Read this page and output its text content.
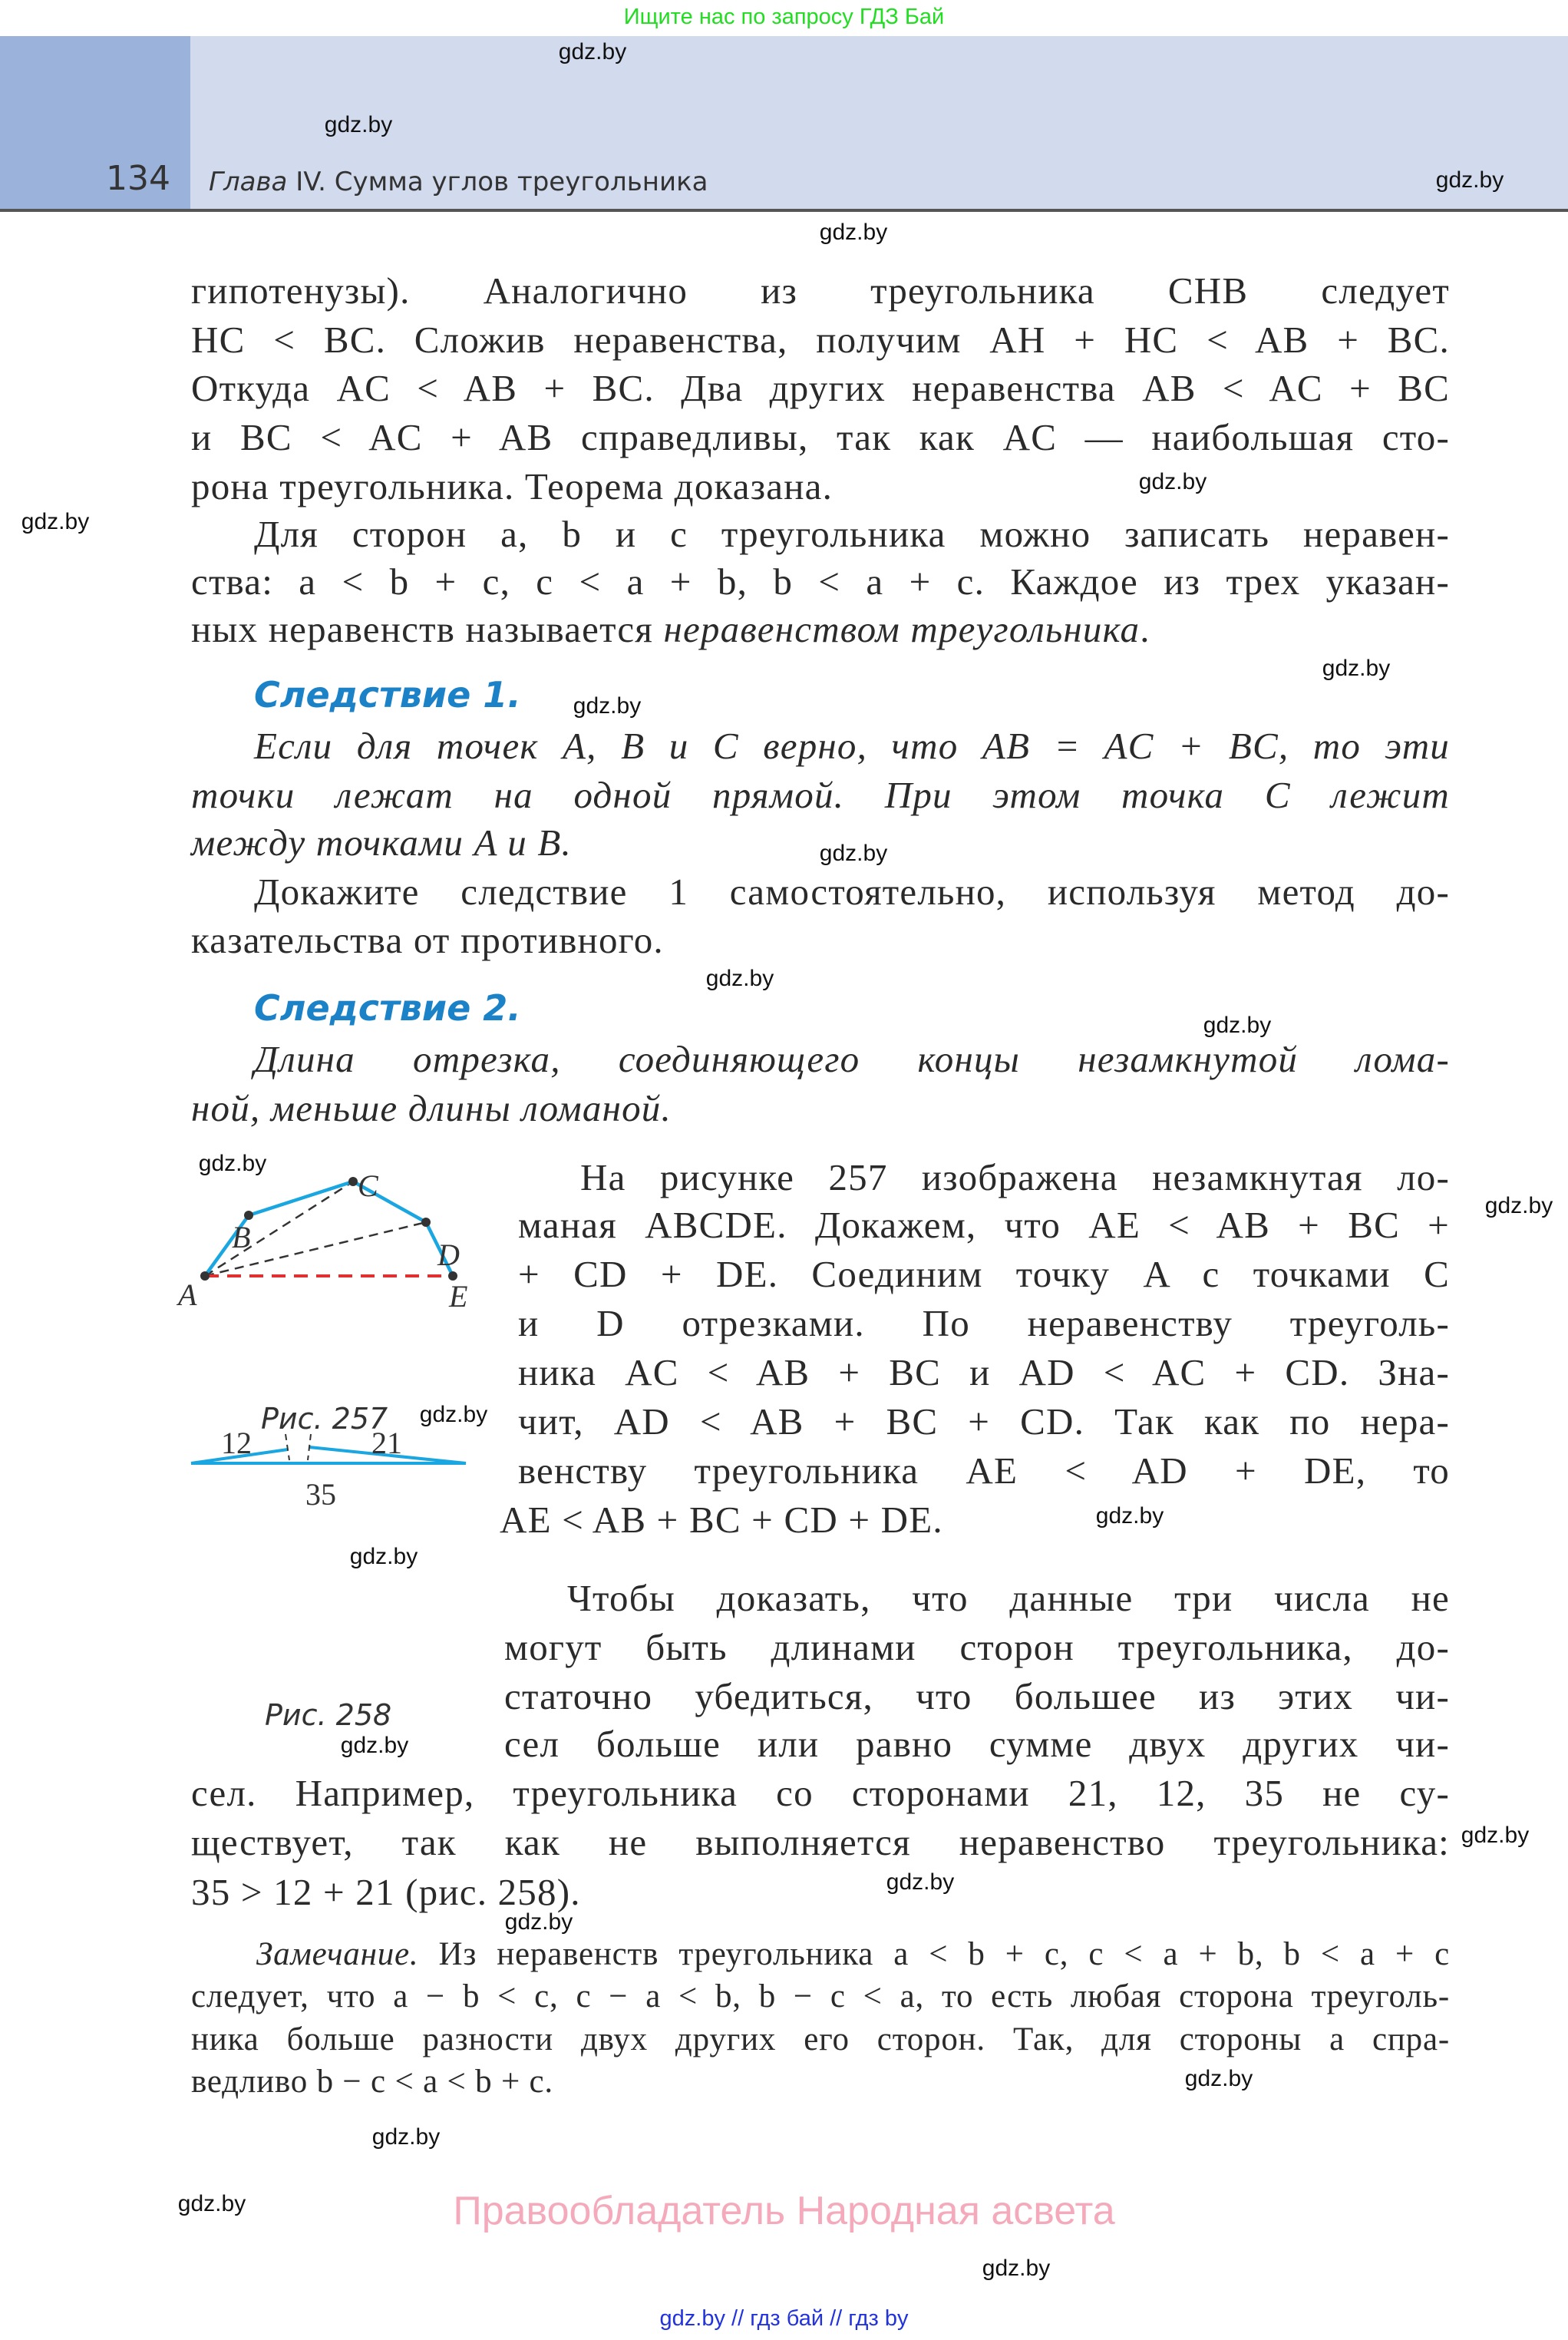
Ищите нас по запросу ГДЗ Бай
134 Глава IV. Сумма углов треугольника
гипотенузы). Аналогично из треугольника CHB следует
HC < BC. Сложив неравенства, получим AH + HC < AB + BC.
Откуда AC < AB + BC. Два других неравенства AB < AC + BC
и BC < AC + AB справедливы, так как AC — наибольшая сто-
рона треугольника. Теорема доказана.
Для сторон a, b и c треугольника можно записать неравен-
ства: a < b + c, c < a + b, b < a + c. Каждое из трех указан-
ных неравенств называется неравенством треугольника.
Следствие 1.
Если для точек A, B и C верно, что AB = AC + BC, то эти
точки лежат на одной прямой. При этом точка C лежит
между точками A и B.
Докажите следствие 1 самостоятельно, используя метод до-
казательства от противного.
Следствие 2.
Длина отрезка, соединяющего концы незамкнутой лома-
ной, меньше длины ломаной.
На рисунке 257 изображена незамкнутая ло-
маная ABCDE. Докажем, что AE < AB + BC +
+ CD + DE. Соединим точку A с точками C
и D отрезками. По неравенству треуголь-
ника AC < AB + BC и AD < AC + CD. Зна-
чит, AD < AB + BC + CD. Так как по нера-
венству треугольника AE < AD + DE, то
AE < AB + BC + CD + DE.
Чтобы доказать, что данные три числа не
могут быть длинами сторон треугольника, до-
статочно убедиться, что большее из этих чи-
сел больше или равно сумме двух других чи-
сел. Например, треугольника со сторонами 21, 12, 35 не су-
ществует, так как не выполняется неравенство треугольника:
35 > 12 + 21 (рис. 258).
Замечание. Из неравенств треугольника a < b + c, c < a + b, b < a + c
следует, что a − b < c, c − a < b, b − c < a, то есть любая сторона треуголь-
ника больше разности двух других его сторон. Так, для стороны a спра-
ведливо b − c < a < b + c.
A
B
C
D
E
12	21
35
Рис. 257
Рис. 258
gdz.by
gdz.by
gdz.by
gdz.by
gdz.by
gdz.by
gdz.by
gdz.by
gdz.by
gdz.by
gdz.by
gdz.by
gdz.by
gdz.by
gdz.by
gdz.by
gdz.by
gdz.by
gdz.by
gdz.by
gdz.by
gdz.by
gdz.by
gdz.by
Правообладатель Народная асвета
gdz.by // гдз бай // гдз by
